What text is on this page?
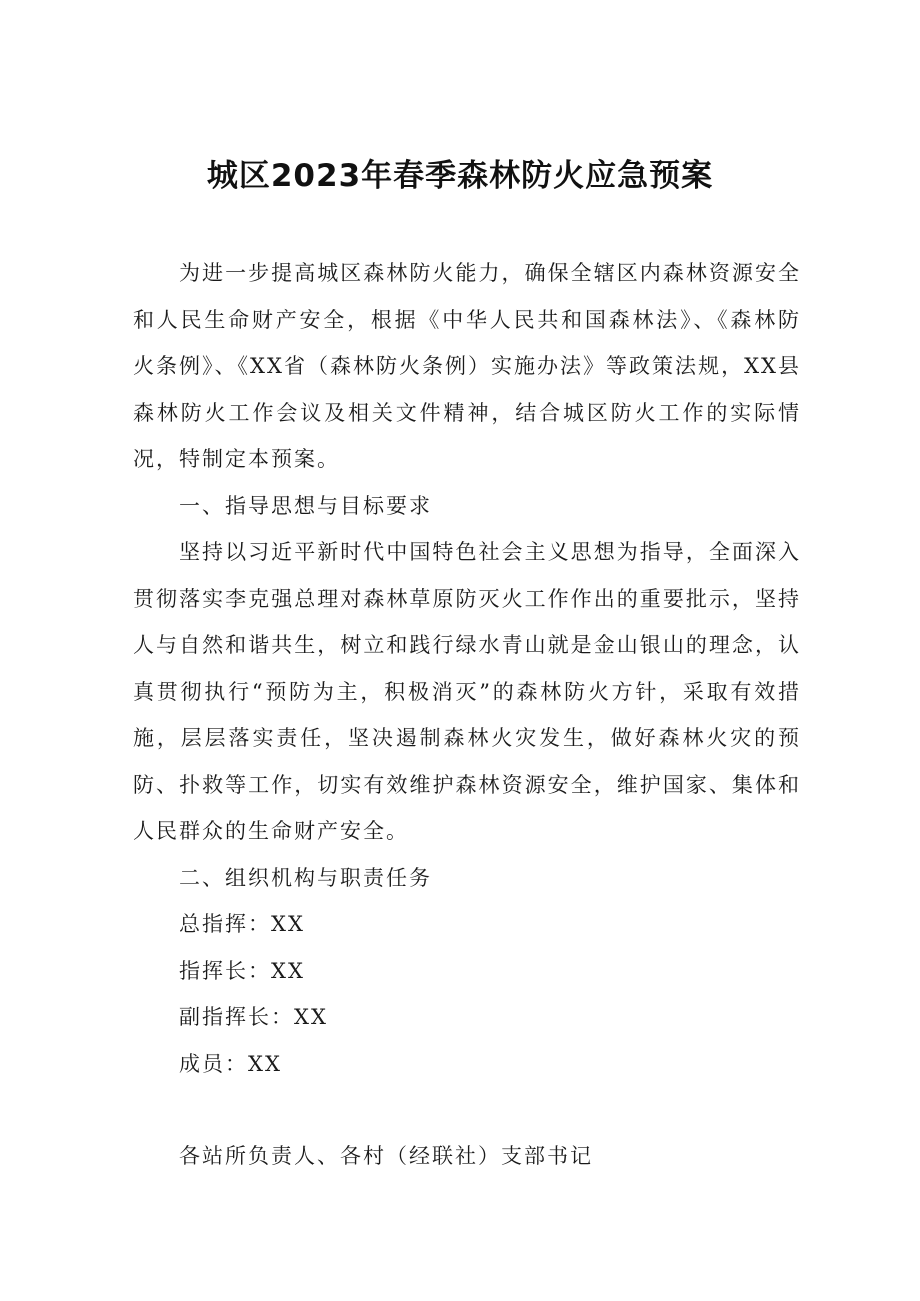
城区2023年春季森林防火应急预案

为进一步提高城区森林防火能力，确保全辖区内森林资源安全和人民生命财产安全，根据《中华人民共和国森林法》、《森林防火条例》、《XX省（森林防火条例）实施办法》等政策法规，XX县森林防火工作会议及相关文件精神，结合城区防火工作的实际情况，特制定本预案。

一、指导思想与目标要求

坚持以习近平新时代中国特色社会主义思想为指导，全面深入贯彻落实李克强总理对森林草原防灭火工作作出的重要批示，坚持人与自然和谐共生，树立和践行绿水青山就是金山银山的理念，认真贯彻执行“预防为主，积极消灭”的森林防火方针，采取有效措施，层层落实责任，坚决遏制森林火灾发生，做好森林火灾的预防、扑救等工作，切实有效维护森林资源安全，维护国家、集体和人民群众的生命财产安全。

二、组织机构与职责任务

总指挥：XX

指挥长：XX

副指挥长：XX

成员：XX

各站所负责人、各村（经联社）支部书记
